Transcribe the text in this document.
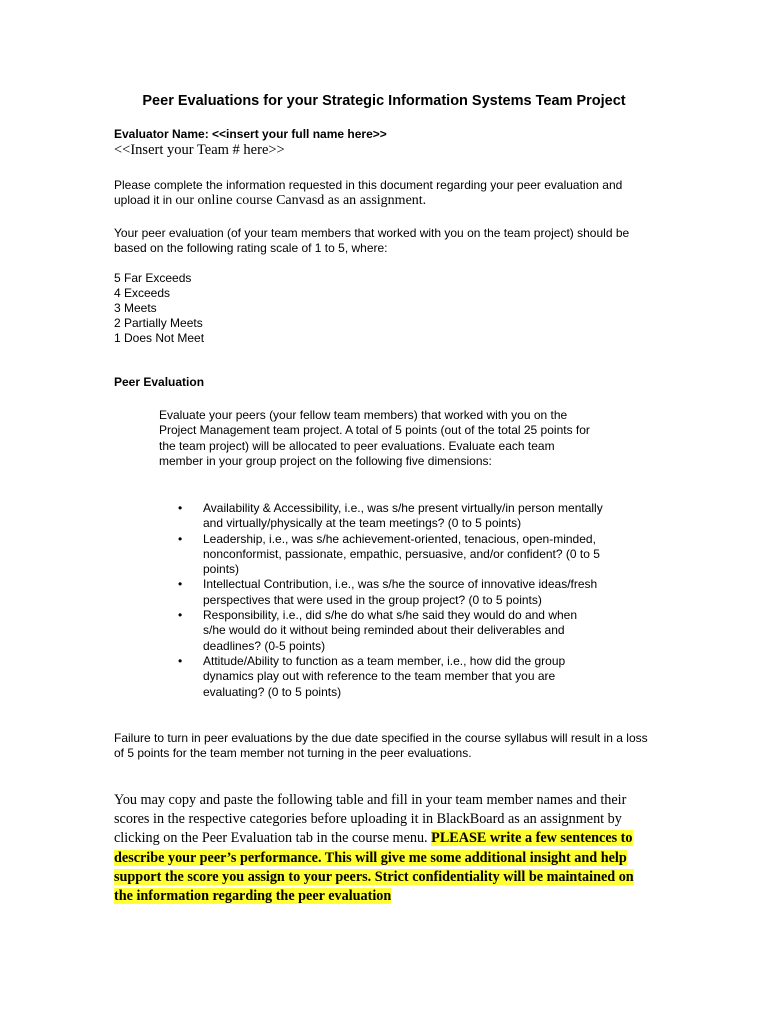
Peer Evaluations for your Strategic Information Systems Team Project
Evaluator Name: <<insert your full name here>>
<<Insert your Team # here>>
Please complete the information requested in this document regarding your peer evaluation and upload it in our online course Canvasd as an assignment.
Your peer evaluation (of your team members that worked with you on the team project) should be based on the following rating scale of 1 to 5, where:
5 Far Exceeds
4 Exceeds
3 Meets
2 Partially Meets
1 Does Not Meet
Peer Evaluation
Evaluate your peers (your fellow team members) that worked with you on the Project Management team project. A total of 5 points (out of the total 25 points for the team project) will be allocated to peer evaluations. Evaluate each team member in your group project on the following five dimensions:
• Availability & Accessibility, i.e., was s/he present virtually/in person mentally and virtually/physically at the team meetings? (0 to 5 points)
• Leadership, i.e., was s/he achievement-oriented, tenacious, open-minded, nonconformist, passionate, empathic, persuasive, and/or confident? (0 to 5 points)
• Intellectual Contribution, i.e., was s/he the source of innovative ideas/fresh perspectives that were used in the group project? (0 to 5 points)
• Responsibility, i.e., did s/he do what s/he said they would do and when s/he would do it without being reminded about their deliverables and deadlines? (0-5 points)
• Attitude/Ability to function as a team member, i.e., how did the group dynamics play out with reference to the team member that you are evaluating? (0 to 5 points)
Failure to turn in peer evaluations by the due date specified in the course syllabus will result in a loss of 5 points for the team member not turning in the peer evaluations.
You may copy and paste the following table and fill in your team member names and their scores in the respective categories before uploading it in BlackBoard as an assignment by clicking on the Peer Evaluation tab in the course menu. PLEASE write a few sentences to describe your peer’s performance. This will give me some additional insight and help support the score you assign to your peers. Strict confidentiality will be maintained on the information regarding the peer evaluation
